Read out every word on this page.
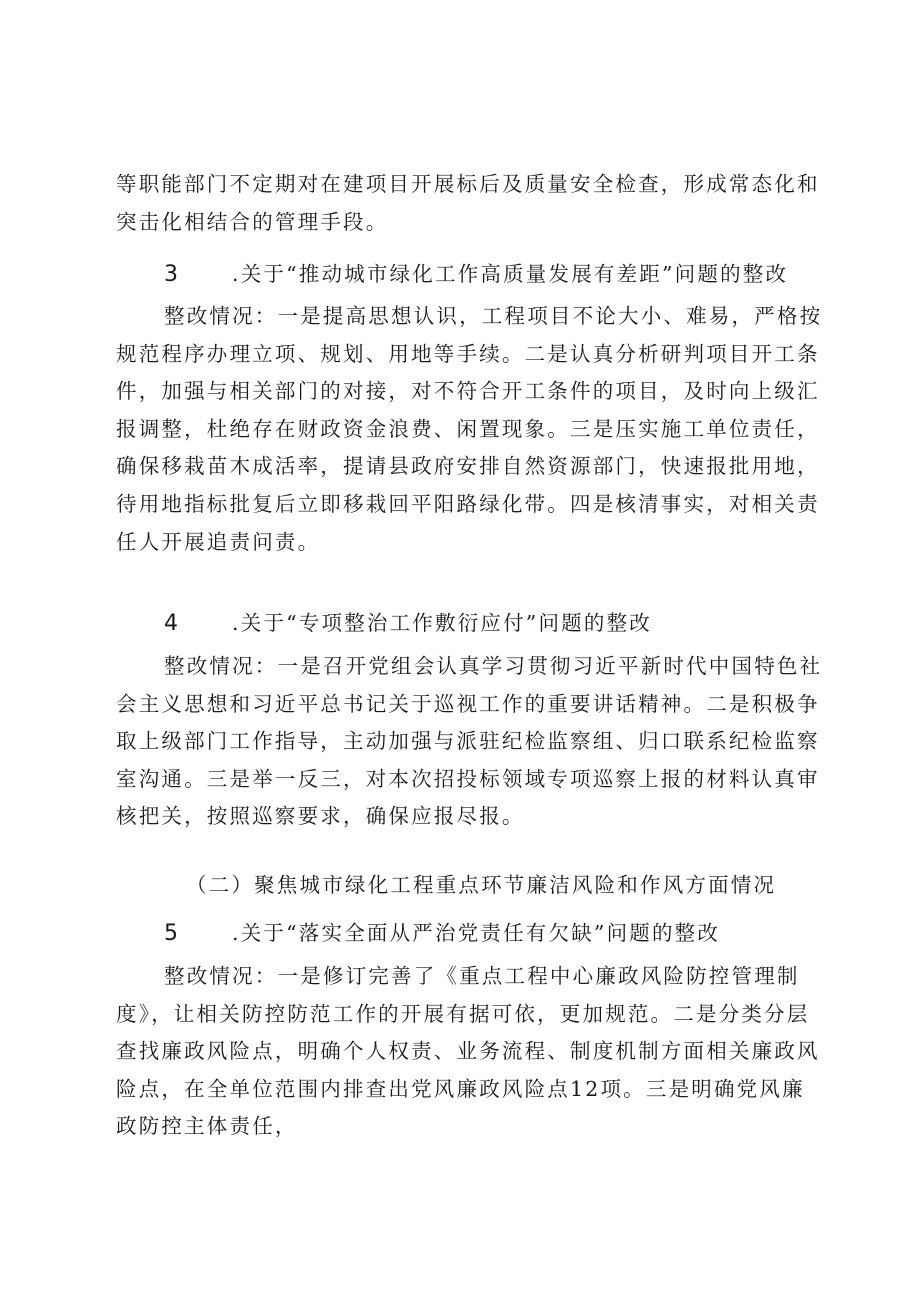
等职能部门不定期对在建项目开展标后及质量安全检查，形成常态化和突击化相结合的管理手段。

3	.关于“推动城市绿化工作高质量发展有差距”问题的整改

整改情况：一是提高思想认识，工程项目不论大小、难易，严格按规范程序办理立项、规划、用地等手续。二是认真分析研判项目开工条件，加强与相关部门的对接，对不符合开工条件的项目，及时向上级汇报调整，杜绝存在财政资金浪费、闲置现象。三是压实施工单位责任，确保移栽苗木成活率，提请县政府安排自然资源部门，快速报批用地，待用地指标批复后立即移栽回平阳路绿化带。四是核清事实，对相关责任人开展追责问责。

4	.关于“专项整治工作敷衍应付”问题的整改

整改情况：一是召开党组会认真学习贯彻习近平新时代中国特色社会主义思想和习近平总书记关于巡视工作的重要讲话精神。二是积极争取上级部门工作指导，主动加强与派驻纪检监察组、归口联系纪检监察室沟通。三是举一反三，对本次招投标领域专项巡察上报的材料认真审核把关，按照巡察要求，确保应报尽报。

（二）聚焦城市绿化工程重点环节廉洁风险和作风方面情况
5	.关于“落实全面从严治党责任有欠缺”问题的整改

整改情况：一是修订完善了《重点工程中心廉政风险防控管理制度》，让相关防控防范工作的开展有据可依，更加规范。二是分类分层查找廉政风险点，明确个人权责、业务流程、制度机制方面相关廉政风险点，在全单位范围内排查出党风廉政风险点12项。三是明确党风廉政防控主体责任，
